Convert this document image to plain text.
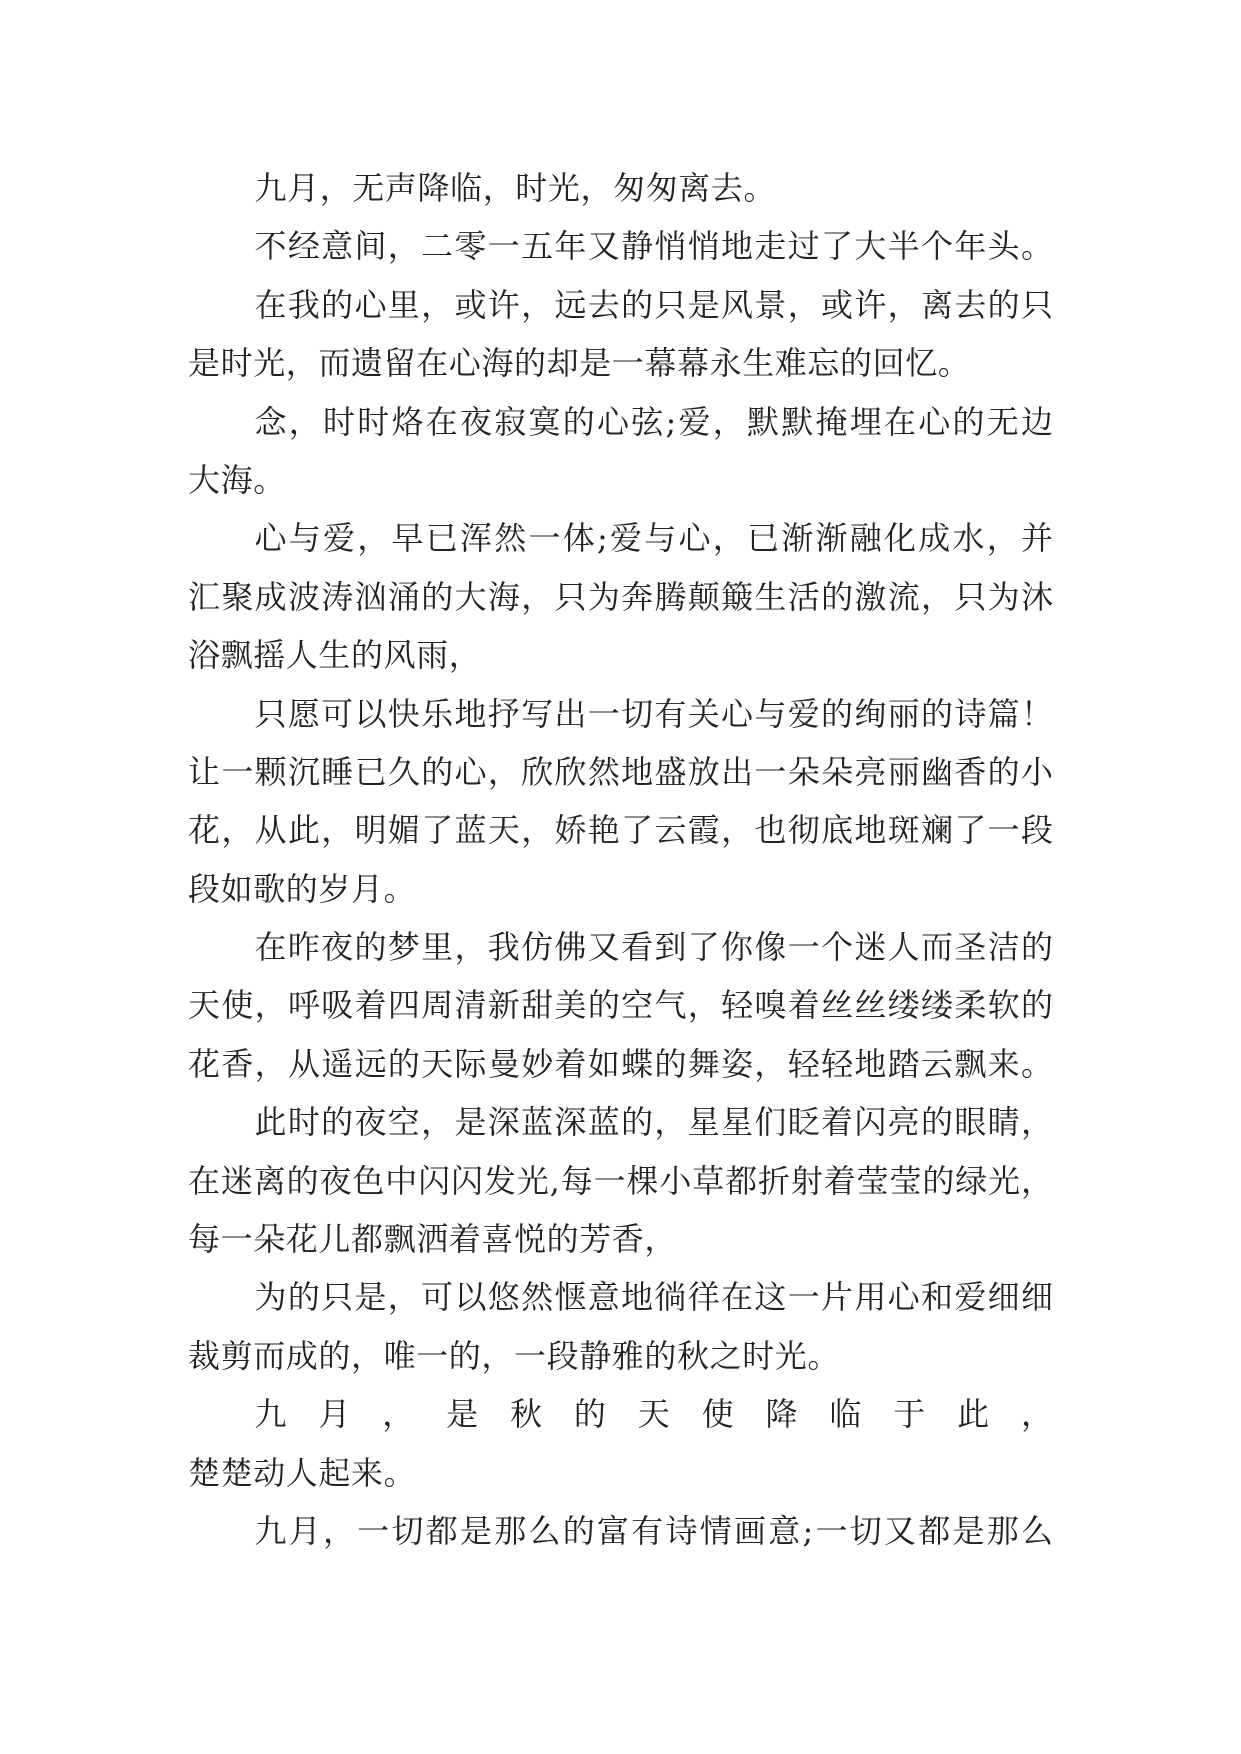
九月，无声降临，时光，匆匆离去。
不经意间，二零一五年又静悄悄地走过了大半个年头。
在我的心里，或许，远去的只是风景，或许，离去的只
是时光，而遗留在心海的却是一幕幕永生难忘的回忆。
念，时时烙在夜寂寞的心弦;爱，默默掩埋在心的无边
大海。
心与爱，早已浑然一体;爱与心，已渐渐融化成水，并
汇聚成波涛汹涌的大海，只为奔腾颠簸生活的激流，只为沐
浴飘摇人生的风雨，
只愿可以快乐地抒写出一切有关心与爱的绚丽的诗篇！
让一颗沉睡已久的心，欣欣然地盛放出一朵朵亮丽幽香的小
花，从此，明媚了蓝天，娇艳了云霞，也彻底地斑斓了一段
段如歌的岁月。
在昨夜的梦里，我仿佛又看到了你像一个迷人而圣洁的
天使，呼吸着四周清新甜美的空气，轻嗅着丝丝缕缕柔软的
花香，从遥远的天际曼妙着如蝶的舞姿，轻轻地踏云飘来。
此时的夜空，是深蓝深蓝的，星星们眨着闪亮的眼睛，
在迷离的夜色中闪闪发光,每一棵小草都折射着莹莹的绿光，
每一朵花儿都飘洒着喜悦的芳香，
为的只是，可以悠然惬意地徜徉在这一片用心和爱细细
裁剪而成的，唯一的，一段静雅的秋之时光。
九月，是秋的天使降临于此，
楚楚动人起来。
九月，一切都是那么的富有诗情画意;一切又都是那么
